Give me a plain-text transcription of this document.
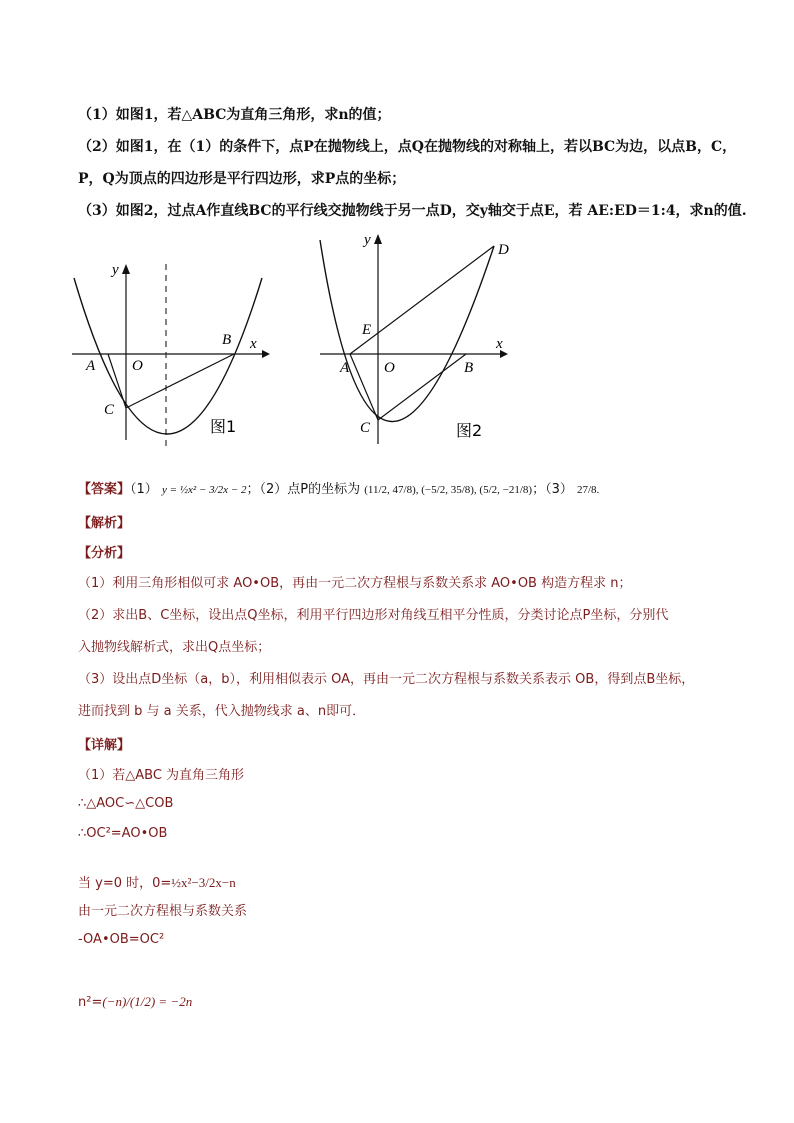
（1）如图1，若△ABC为直角三角形，求n的值；
（2）如图1，在（1）的条件下，点P在抛物线上，点Q在抛物线的对称轴上，若以BC为边，以点B，C，
P，Q为顶点的四边形是平行四边形，求P点的坐标；
（3）如图2，过点A作直线BC的平行线交抛物线于另一点D，交y轴交于点E，若 AE:ED＝1:4，求n的值.
A O
B
C
x
y
图1
A O	B
C
D
E
x
y
图2
【答案】（1） y = ½x² − 3/2x − 2；（2）点P的坐标为 (11/2, 47/8), (−5/2, 35/8), (5/2, −21/8)；（3） 27/8.
【解析】
【分析】
（1）利用三角形相似可求 AO•OB，再由一元二次方程根与系数关系求 AO•OB 构造方程求 n；
（2）求出B、C坐标，设出点Q坐标，利用平行四边形对角线互相平分性质，分类讨论点P坐标，分别代
入抛物线解析式，求出Q点坐标；
（3）设出点D坐标（a，b），利用相似表示 OA，再由一元二次方程根与系数关系表示 OB，得到点B坐标，
进而找到 b 与 a 关系，代入抛物线求 a、n即可．
【详解】
（1）若△ABC 为直角三角形
∴△AOC∽△COB
∴OC²=AO•OB
当 y=0 时，0=½x²−3/2x−n
由一元二次方程根与系数关系
-OA•OB=OC²
n²=(−n)/(1/2) = −2n
